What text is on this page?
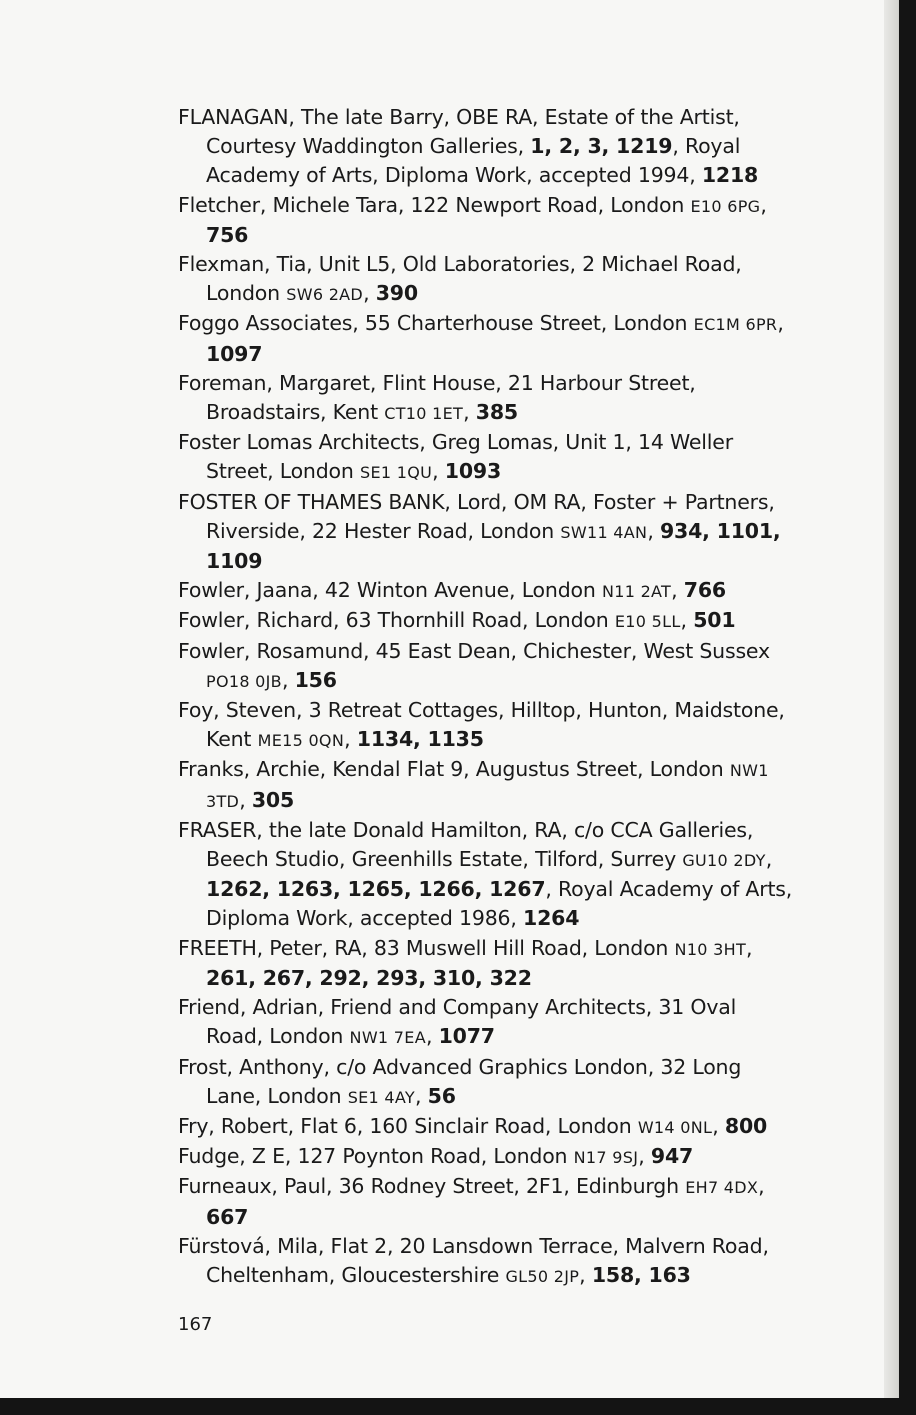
FLANAGAN, The late Barry, OBE RA, Estate of the Artist, Courtesy Waddington Galleries, 1, 2, 3, 1219, Royal Academy of Arts, Diploma Work, accepted 1994, 1218

Fletcher, Michele Tara, 122 Newport Road, London E10 6PG, 756

Flexman, Tia, Unit L5, Old Laboratories, 2 Michael Road, London SW6 2AD, 390

Foggo Associates, 55 Charterhouse Street, London EC1M 6PR, 1097

Foreman, Margaret, Flint House, 21 Harbour Street, Broadstairs, Kent CT10 1ET, 385

Foster Lomas Architects, Greg Lomas, Unit 1, 14 Weller Street, London SE1 1QU, 1093

FOSTER OF THAMES BANK, Lord, OM RA, Foster + Partners, Riverside, 22 Hester Road, London SW11 4AN, 934, 1101, 1109

Fowler, Jaana, 42 Winton Avenue, London N11 2AT, 766

Fowler, Richard, 63 Thornhill Road, London E10 5LL, 501

Fowler, Rosamund, 45 East Dean, Chichester, West Sussex PO18 0JB, 156

Foy, Steven, 3 Retreat Cottages, Hilltop, Hunton, Maidstone, Kent ME15 0QN, 1134, 1135

Franks, Archie, Kendal Flat 9, Augustus Street, London NW1 3TD, 305

FRASER, the late Donald Hamilton, RA, c/o CCA Galleries, Beech Studio, Greenhills Estate, Tilford, Surrey GU10 2DY, 1262, 1263, 1265, 1266, 1267, Royal Academy of Arts, Diploma Work, accepted 1986, 1264

FREETH, Peter, RA, 83 Muswell Hill Road, London N10 3HT, 261, 267, 292, 293, 310, 322

Friend, Adrian, Friend and Company Architects, 31 Oval Road, London NW1 7EA, 1077

Frost, Anthony, c/o Advanced Graphics London, 32 Long Lane, London SE1 4AY, 56

Fry, Robert, Flat 6, 160 Sinclair Road, London W14 0NL, 800

Fudge, Z E, 127 Poynton Road, London N17 9SJ, 947

Furneaux, Paul, 36 Rodney Street, 2F1, Edinburgh EH7 4DX, 667

Fürstová, Mila, Flat 2, 20 Lansdown Terrace, Malvern Road, Cheltenham, Gloucestershire GL50 2JP, 158, 163

167
